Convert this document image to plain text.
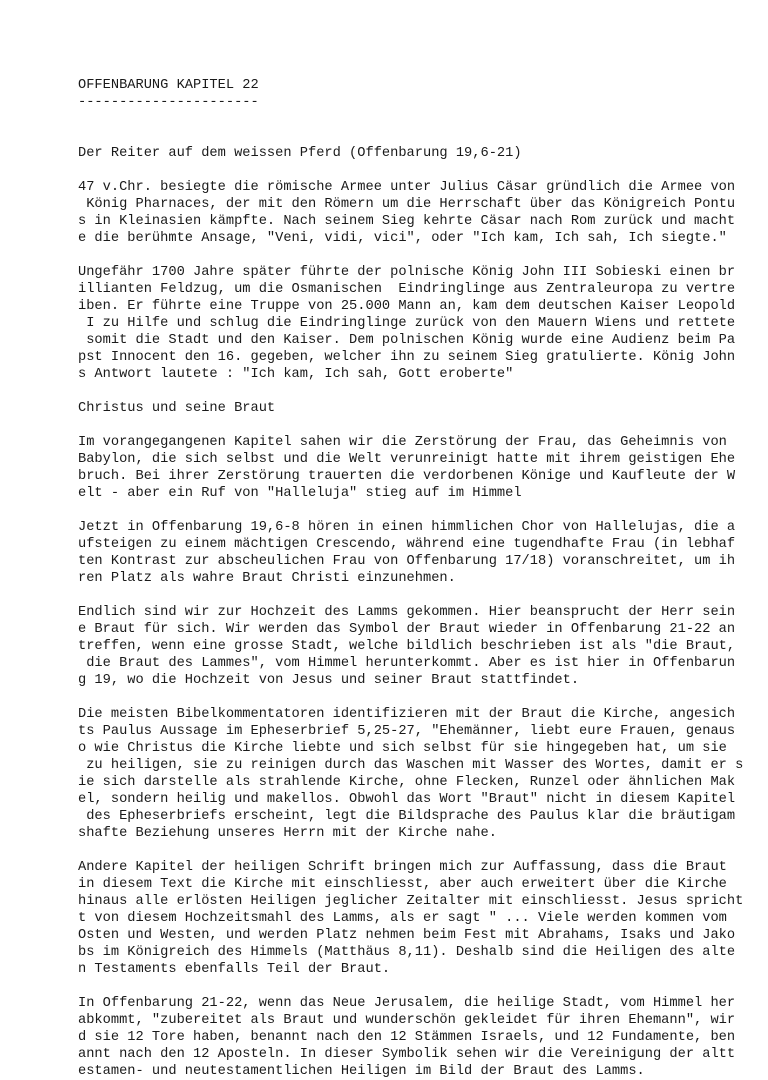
OFFENBARUNG KAPITEL 22
----------------------
Der Reiter auf dem weissen Pferd (Offenbarung 19,6-21)
47 v.Chr. besiegte die römische Armee unter Julius Cäsar gründlich die Armee von
König Pharnaces, der mit den Römern um die Herrschaft über das Königreich Pontu
s in Kleinasien kämpfte. Nach seinem Sieg kehrte Cäsar nach Rom zurück und macht
e die berühmte Ansage, "Veni, vidi, vici", oder "Ich kam, Ich sah, Ich siegte."
Ungefähr 1700 Jahre später führte der polnische König John III Sobieski einen br
illianten Feldzug, um die Osmanischen  Eindringlinge aus Zentraleuropa zu vertre
iben. Er führte eine Truppe von 25.000 Mann an, kam dem deutschen Kaiser Leopold
I zu Hilfe und schlug die Eindringlinge zurück von den Mauern Wiens und rettete
somit die Stadt und den Kaiser. Dem polnischen König wurde eine Audienz beim Pa
pst Innocent den 16. gegeben, welcher ihn zu seinem Sieg gratulierte. König John
s Antwort lautete : "Ich kam, Ich sah, Gott eroberte"
Christus und seine Braut
Im vorangegangenen Kapitel sahen wir die Zerstörung der Frau, das Geheimnis von
Babylon, die sich selbst und die Welt verunreinigt hatte mit ihrem geistigen Ehe
bruch. Bei ihrer Zerstörung trauerten die verdorbenen Könige und Kaufleute der W
elt - aber ein Ruf von "Halleluja" stieg auf im Himmel
Jetzt in Offenbarung 19,6-8 hören in einen himmlichen Chor von Hallelujas, die a
ufsteigen zu einem mächtigen Crescendo, während eine tugendhafte Frau (in lebhaf
ten Kontrast zur abscheulichen Frau von Offenbarung 17/18) voranschreitet, um ih
ren Platz als wahre Braut Christi einzunehmen.
Endlich sind wir zur Hochzeit des Lamms gekommen. Hier beansprucht der Herr sein
e Braut für sich. Wir werden das Symbol der Braut wieder in Offenbarung 21-22 an
treffen, wenn eine grosse Stadt, welche bildlich beschrieben ist als "die Braut,
die Braut des Lammes", vom Himmel herunterkommt. Aber es ist hier in Offenbarun
g 19, wo die Hochzeit von Jesus und seiner Braut stattfindet.
Die meisten Bibelkommentatoren identifizieren mit der Braut die Kirche, angesich
ts Paulus Aussage im Epheserbrief 5,25-27, "Ehemänner, liebt eure Frauen, genaus
o wie Christus die Kirche liebte und sich selbst für sie hingegeben hat, um sie
zu heiligen, sie zu reinigen durch das Waschen mit Wasser des Wortes, damit er s
ie sich darstelle als strahlende Kirche, ohne Flecken, Runzel oder ähnlichen Mak
el, sondern heilig und makellos. Obwohl das Wort "Braut" nicht in diesem Kapitel
des Epheserbriefs erscheint, legt die Bildsprache des Paulus klar die bräutigam
shafte Beziehung unseres Herrn mit der Kirche nahe.
Andere Kapitel der heiligen Schrift bringen mich zur Auffassung, dass die Braut
in diesem Text die Kirche mit einschliesst, aber auch erweitert über die Kirche
hinaus alle erlösten Heiligen jeglicher Zeitalter mit einschliesst. Jesus spricht
t von diesem Hochzeitsmahl des Lamms, als er sagt " ... Viele werden kommen vom
Osten und Westen, und werden Platz nehmen beim Fest mit Abrahams, Isaks und Jako
bs im Königreich des Himmels (Matthäus 8,11). Deshalb sind die Heiligen des alte
n Testaments ebenfalls Teil der Braut.
In Offenbarung 21-22, wenn das Neue Jerusalem, die heilige Stadt, vom Himmel her
abkommt, "zubereitet als Braut und wunderschön gekleidet für ihren Ehemann", wir
d sie 12 Tore haben, benannt nach den 12 Stämmen Israels, und 12 Fundamente, ben
annt nach den 12 Aposteln. In dieser Symbolik sehen wir die Vereinigung der altt
estamen- und neutestamentlichen Heiligen im Bild der Braut des Lamms.
